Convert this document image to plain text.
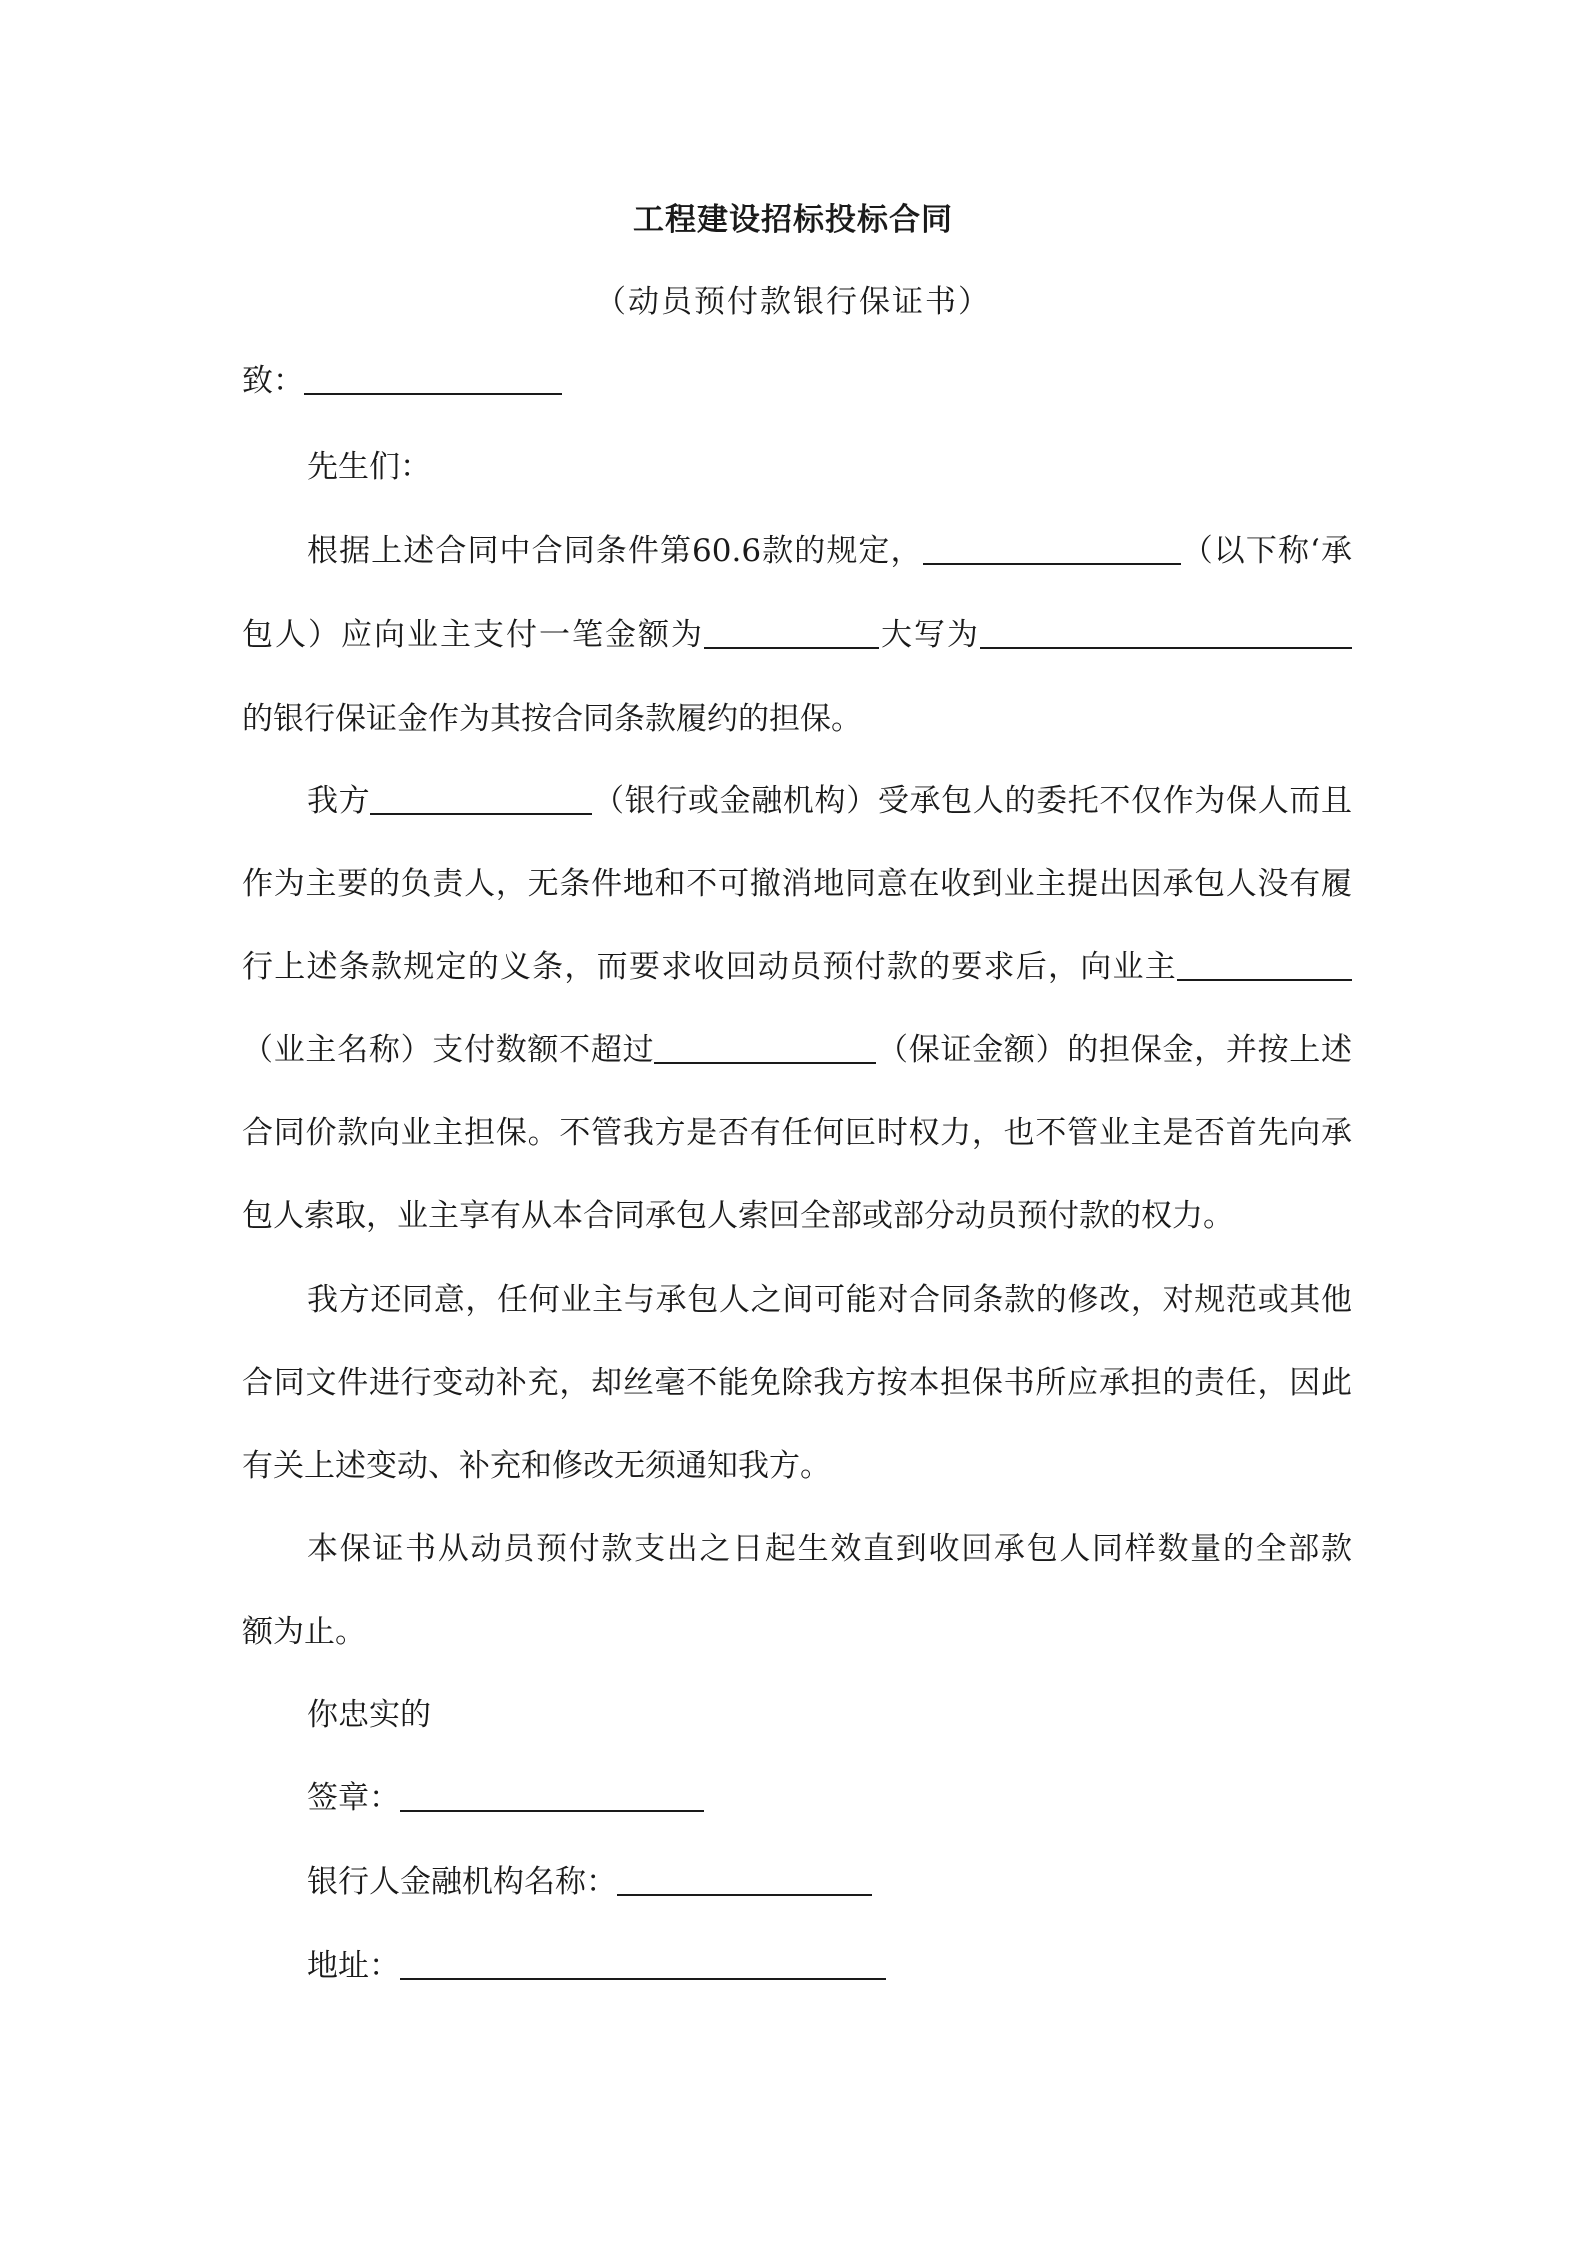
工程建设招标投标合同
（动员预付款银行保证书）
致：
先生们：
根据上述合同中合同条件第60.6款的规定，	（以下称‘承
包人）应向业主支付一笔金额为	大写为
的银行保证金作为其按合同条款履约的担保。
我方	（银行或金融机构）受承包人的委托不仅作为保人而且
作为主要的负责人，无条件地和不可撤消地同意在收到业主提出因承包人没有履
行上述条款规定的义条，而要求收回动员预付款的要求后，向业主
（业主名称）支付数额不超过	（保证金额）的担保金，并按上述
合同价款向业主担保。不管我方是否有任何叵时权力，也不管业主是否首先向承
包人索取，业主享有从本合同承包人索回全部或部分动员预付款的权力。
我方还同意，任何业主与承包人之间可能对合同条款的修改，对规范或其他
合同文件进行变动补充，却丝毫不能免除我方按本担保书所应承担的责任，因此
有关上述变动、补充和修改无须通知我方。
本保证书从动员预付款支出之日起生效直到收回承包人同样数量的全部款
额为止。
你忠实的
签章：
银行人金融机构名称：
地址：
